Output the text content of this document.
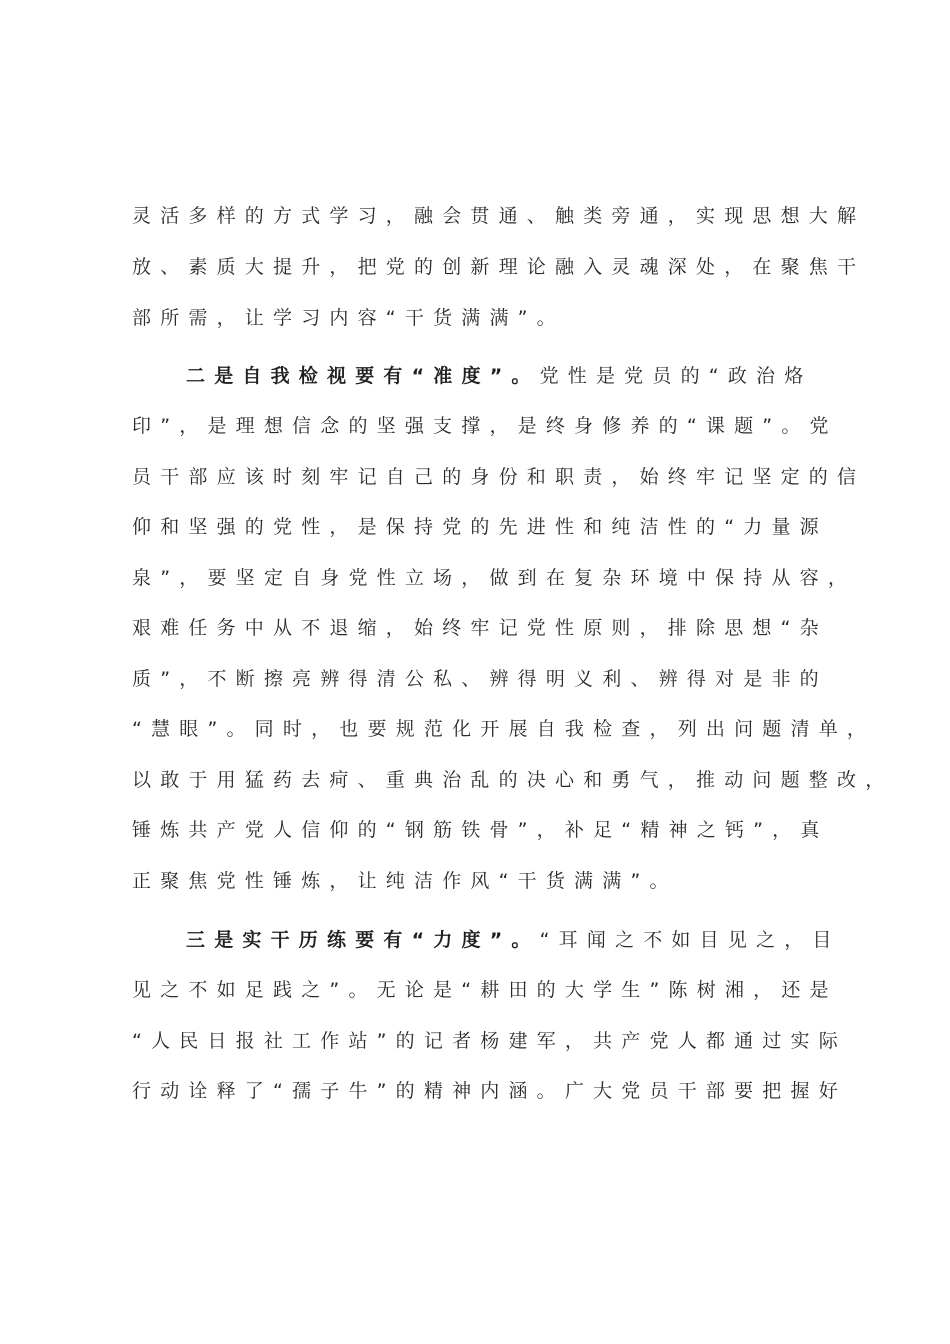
灵活多样的方式学习，融会贯通、触类旁通，实现思想大解
放、素质大提升，把党的创新理论融入灵魂深处，在聚焦干
部所需，让学习内容“干货满满”。
二是自我检视要有“准度”。党性是党员的“政治烙
印”，是理想信念的坚强支撑，是终身修养的“课题”。党
员干部应该时刻牢记自己的身份和职责，始终牢记坚定的信
仰和坚强的党性，是保持党的先进性和纯洁性的“力量源
泉”，要坚定自身党性立场，做到在复杂环境中保持从容，
艰难任务中从不退缩，始终牢记党性原则，排除思想“杂
质”，不断擦亮辨得清公私、辨得明义利、辨得对是非的
“慧眼”。同时，也要规范化开展自我检查，列出问题清单，
以敢于用猛药去疴、重典治乱的决心和勇气，推动问题整改，
锤炼共产党人信仰的“钢筋铁骨”，补足“精神之钙”，真
正聚焦党性锤炼，让纯洁作风“干货满满”。
三是实干历练要有“力度”。“耳闻之不如目见之，目
见之不如足践之”。无论是“耕田的大学生”陈树湘，还是
“人民日报社工作站”的记者杨建军，共产党人都通过实际
行动诠释了“孺子牛”的精神内涵。广大党员干部要把握好
